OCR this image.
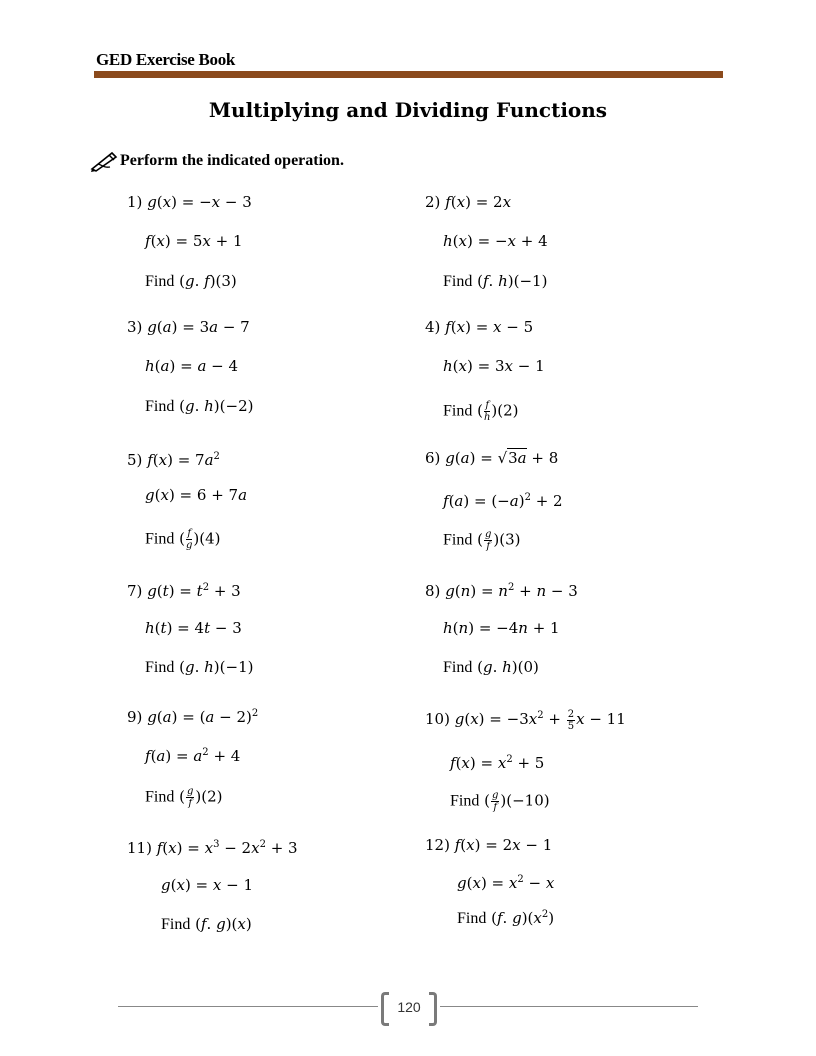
GED Exercise Book
Multiplying and Dividing Functions
Perform the indicated operation.
1) g(x) = −x − 3
f(x) = 5x + 1
Find (g. f)(3)
2) f(x) = 2x
h(x) = −x + 4
Find (f. h)(−1)
3) g(a) = 3a − 7
h(a) = a − 4
Find (g. h)(−2)
4) f(x) = x − 5
h(x) = 3x − 1
Find ( $\frac{f}{h} )(2)$
5) $f(x) = 7a^2$
g(x) = 6 + 7a
Find ( $\frac{f}{g} )(4)$
6) g(a) = √3a + 8
$f(a) = (-a)^2 + 2$
Find ( $\frac{g}{f} )(3)$
7) $g(t) = t^2 + 3$
h(t) = 4t − 3
Find (g. h)(−1)
8) $g(n) = n^2 + n - 3$
h(n) = −4n + 1
Find (g. h)(0)
9) $g(a) = (a - 2)^2$
$f(a) = a^2 + 4$
Find ( $\frac{g}{f} )(2)$
10) $g(x) = -3x^2 + \frac{2}{5}$ x − 11
$f(x) = x^2 + 5$
Find ( $\frac{g}{f} )(-10)$
11) $f(x) = x^3 - 2x^2 + 3$
g(x) = x − 1
Find (f. g)(x)
12) f(x) = 2x − 1
$g(x) = x^2 - x$
Find (f. $g)(x^2)$
120
